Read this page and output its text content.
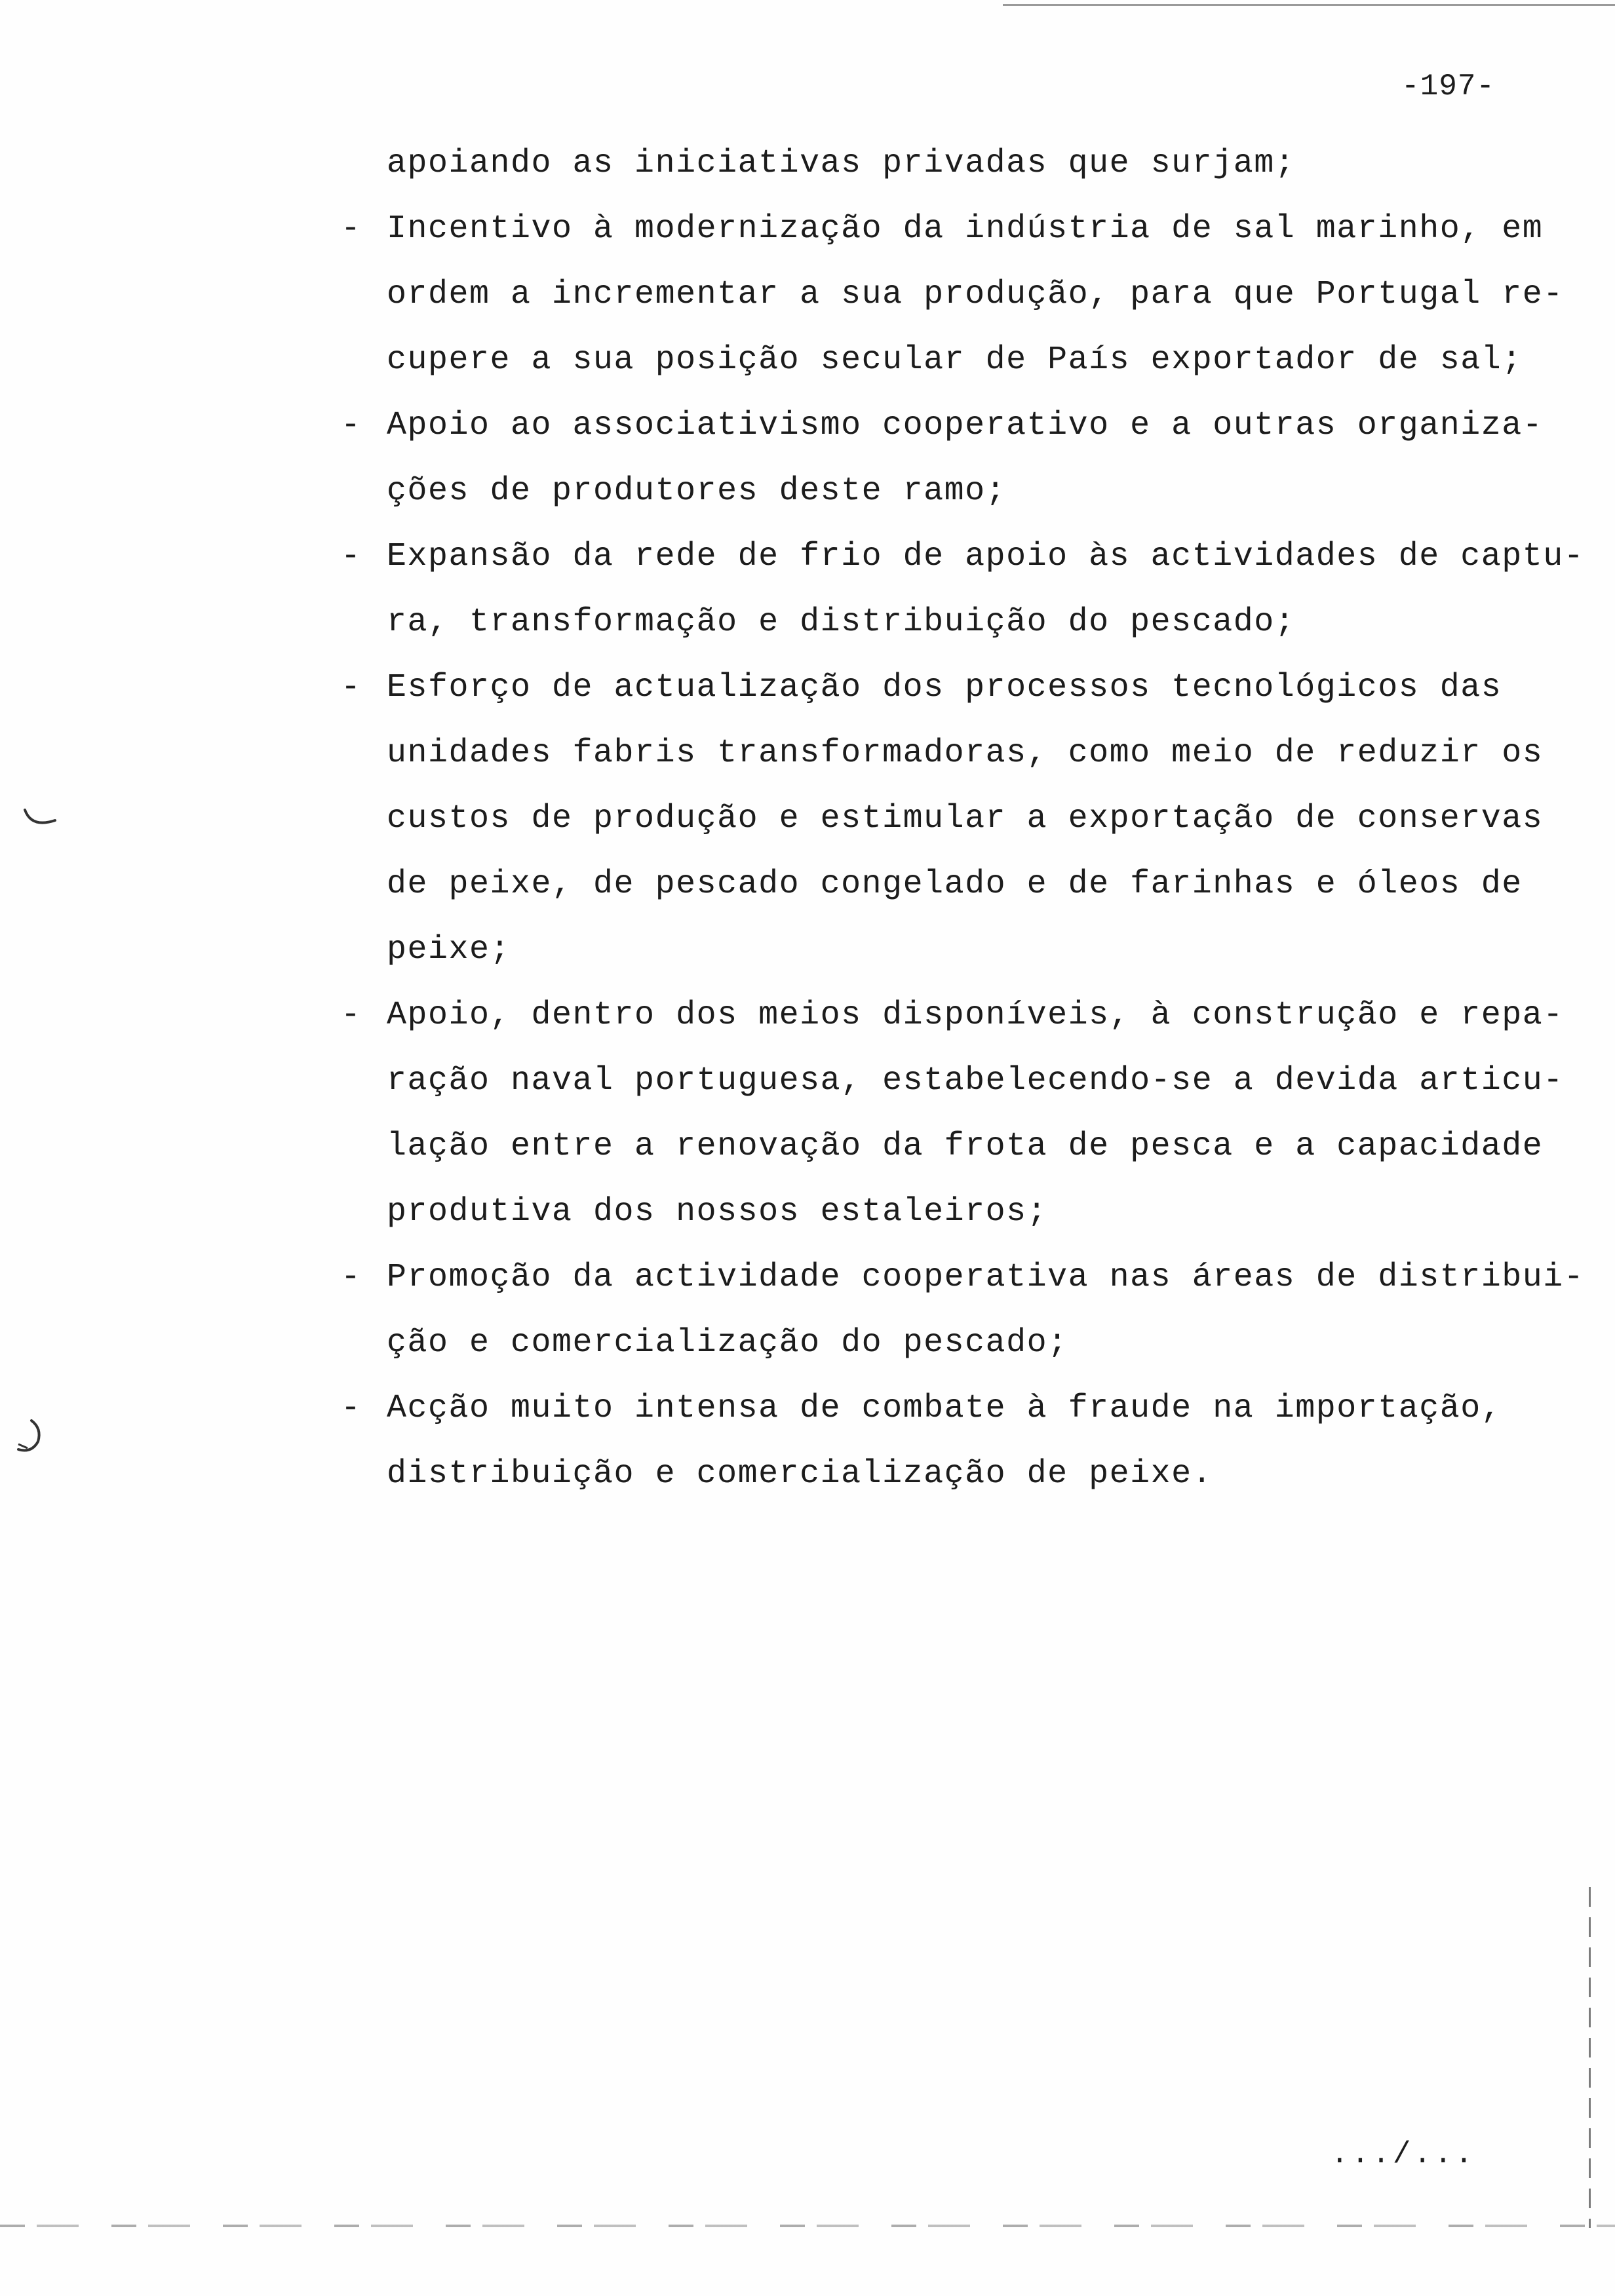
-197-
apoiando as iniciativas privadas que surjam;
- Incentivo à modernização da indústria de sal marinho, em
ordem a incrementar a sua produção, para que Portugal re-
cupere a sua posição secular de País exportador de sal;
- Apoio ao associativismo cooperativo e a outras organiza-
ções de produtores deste ramo;
- Expansão da rede de frio de apoio às actividades de captu-
ra, transformação e distribuição do pescado;
- Esforço de actualização dos processos tecnológicos das
unidades fabris transformadoras, como meio de reduzir os
custos de produção e estimular a exportação de conservas
de peixe, de pescado congelado e de farinhas e óleos de
peixe;
- Apoio, dentro dos meios disponíveis, à construção e repa-
ração naval portuguesa, estabelecendo-se a devida articu-
lação entre a renovação da frota de pesca e a capacidade
produtiva dos nossos estaleiros;
- Promoção da actividade cooperativa nas áreas de distribui-
ção e comercialização do pescado;
- Acção muito intensa de combate à fraude na importação,
distribuição e comercialização de peixe.
.../...
